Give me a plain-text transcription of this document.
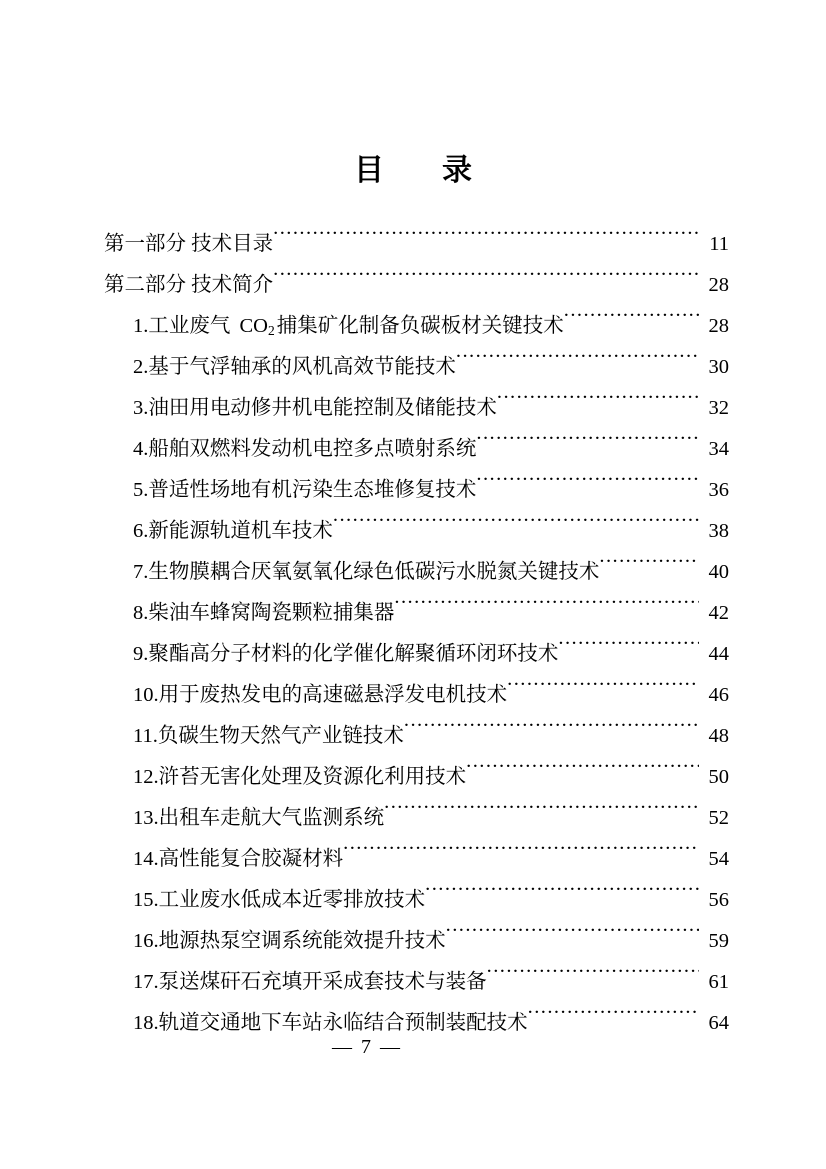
目　录
第一部分 技术目录 .....	11
第二部分 技术简介 .....	28
1.工业废气 $CO_2$捕集矿化制备负碳板材关键技术 .....	28
2.基于气浮轴承的风机高效节能技术 .....	30
3.油田用电动修井机电能控制及储能技术 .....	32
4.船舶双燃料发动机电控多点喷射系统 .....	34
5.普适性场地有机污染生态堆修复技术 .....	36
6.新能源轨道机车技术 .....	38
7.生物膜耦合厌氧氨氧化绿色低碳污水脱氮关键技术 .....	40
8.柴油车蜂窝陶瓷颗粒捕集器 .....	42
9.聚酯高分子材料的化学催化解聚循环闭环技术 .....	44
10.用于废热发电的高速磁悬浮发电机技术 .....	46
11.负碳生物天然气产业链技术 .....	48
12.浒苔无害化处理及资源化利用技术 .....	50
13.出租车走航大气监测系统 .....	52
14.高性能复合胶凝材料 .....	54
15.工业废水低成本近零排放技术 .....	56
16.地源热泵空调系统能效提升技术 .....	59
17.泵送煤矸石充填开采成套技术与装备 .....	61
18.轨道交通地下车站永临结合预制装配技术 .....	64
— 7 —
